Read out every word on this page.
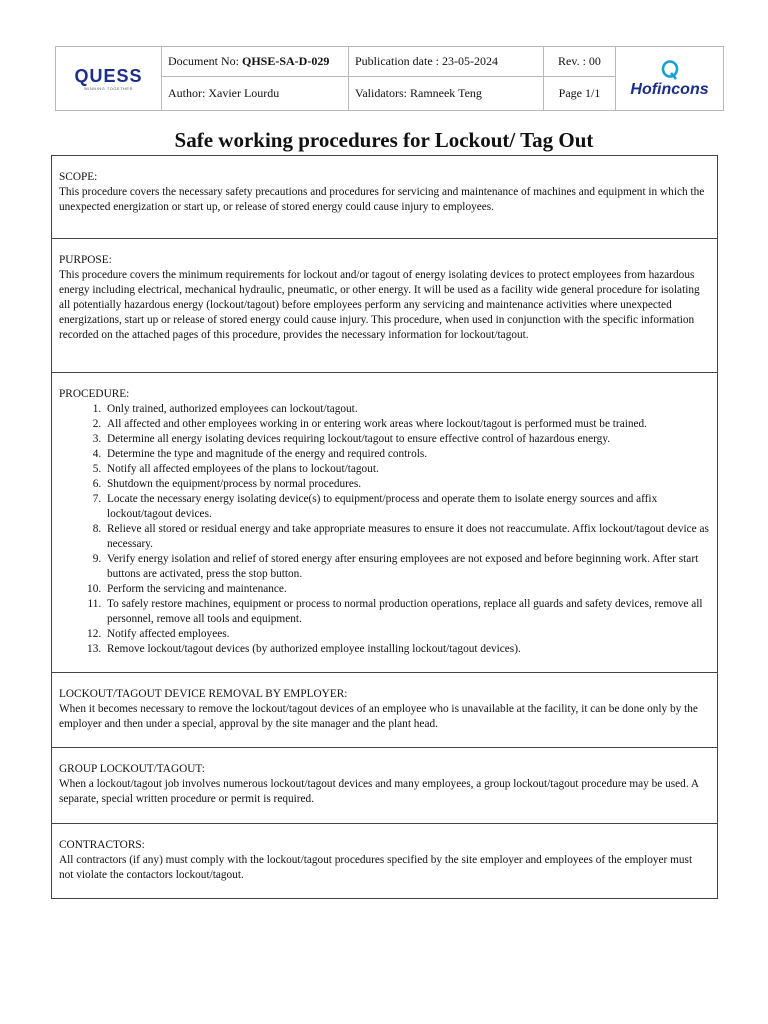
QUESS
WINNING TOGETHER	Document No: QHSE-SA-D-029	Publication date : 23-05-2024	Rev. : 00	Hofincons

	Author: Xavier Lourdu	Validators: Ramneek Teng	Page 1/1	
Safe working procedures for Lockout/ Tag Out

SCOPE:

This procedure covers the necessary safety precautions and procedures for servicing and maintenance of machines and equipment in which the unexpected energization or start up, or release of stored energy could cause injury to employees.

PURPOSE:

This procedure covers the minimum requirements for lockout and/or tagout of energy isolating devices to protect employees from hazardous energy including electrical, mechanical hydraulic, pneumatic, or other energy. It will be used as a facility wide general procedure for isolating all potentially hazardous energy (lockout/tagout) before employees perform any servicing and maintenance activities where unexpected energizations, start up or release of stored energy could cause injury. This procedure, when used in conjunction with the specific information recorded on the attached pages of this procedure, provides the necessary information for lockout/tagout.

PROCEDURE:

1. Only trained, authorized employees can lockout/tagout.
2. All affected and other employees working in or entering work areas where lockout/tagout is performed must be trained.
3. Determine all energy isolating devices requiring lockout/tagout to ensure effective control of hazardous energy.
4. Determine the type and magnitude of the energy and required controls.
5. Notify all affected employees of the plans to lockout/tagout.
6. Shutdown the equipment/process by normal procedures.
7. Locate the necessary energy isolating device(s) to equipment/process and operate them to isolate energy sources and affix lockout/tagout devices.
8. Relieve all stored or residual energy and take appropriate measures to ensure it does not reaccumulate. Affix lockout/tagout device as necessary.
9. Verify energy isolation and relief of stored energy after ensuring employees are not exposed and before beginning work. After start buttons are activated, press the stop button.
10. Perform the servicing and maintenance.
11. To safely restore machines, equipment or process to normal production operations, replace all guards and safety devices, remove all personnel, remove all tools and equipment.
12. Notify affected employees.
13. Remove lockout/tagout devices (by authorized employee installing lockout/tagout devices).

LOCKOUT/TAGOUT DEVICE REMOVAL BY EMPLOYER:

When it becomes necessary to remove the lockout/tagout devices of an employee who is unavailable at the facility, it can be done only by the employer and then under a special, approval by the site manager and the plant head.

GROUP LOCKOUT/TAGOUT:

When a lockout/tagout job involves numerous lockout/tagout devices and many employees, a group lockout/tagout procedure may be used. A separate, special written procedure or permit is required.

CONTRACTORS:

All contractors (if any) must comply with the lockout/tagout procedures specified by the site employer and employees of the employer must not violate the contactors lockout/tagout.
